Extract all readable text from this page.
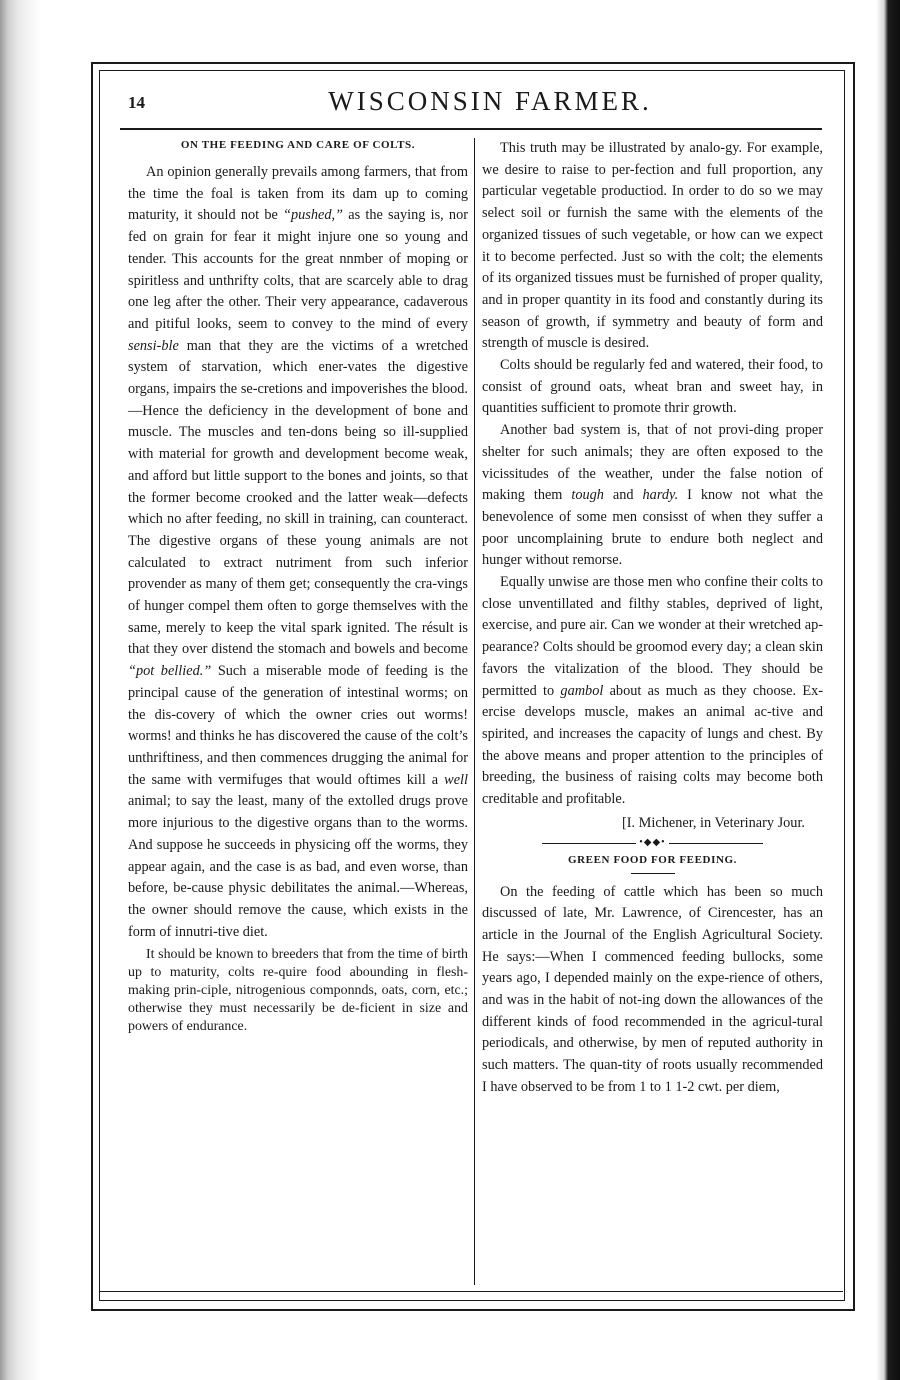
14	WISCONSIN FARMER.
ON THE FEEDING AND CARE OF COLTS.

An opinion generally prevails among farmers, that from the time the foal is taken from its dam up to coming maturity, it should not be “pushed,” as the saying is, nor fed on grain for fear it might injure one so young and tender. This accounts for the great nnmber of moping or spiritless and unthrifty colts, that are scarcely able to drag one leg after the other. Their very appearance, cadaverous and pitiful looks, seem to convey to the mind of every sensi-ble man that they are the victims of a wretched system of starvation, which ener-vates the digestive organs, impairs the se-cretions and impoverishes the blood.—Hence the deficiency in the development of bone and muscle. The muscles and ten-dons being so ill-supplied with material for growth and development become weak, and afford but little support to the bones and joints, so that the former become crooked and the latter weak—defects which no after feeding, no skill in training, can counteract. The digestive organs of these young animals are not calculated to extract nutriment from such inferior provender as many of them get; consequently the cra-vings of hunger compel them often to gorge themselves with the same, merely to keep the vital spark ignited. The résult is that they over distend the stomach and bowels and become “pot bellied.” Such a miserable mode of feeding is the principal cause of the generation of intestinal worms; on the dis-covery of which the owner cries out worms! worms! and thinks he has discovered the cause of the colt’s unthriftiness, and then commences drugging the animal for the same with vermifuges that would oftimes kill a well animal; to say the least, many of the extolled drugs prove more injurious to the digestive organs than to the worms. And suppose he succeeds in physicing off the worms, they appear again, and the case is as bad, and even worse, than before, be-cause physic debilitates the animal.—Whereas, the owner should remove the cause, which exists in the form of innutri-tive diet.

It should be known to breeders that from the time of birth up to maturity, colts re-quire food abounding in flesh-making prin-ciple, nitrogenious componnds, oats, corn, etc.; otherwise they must necessarily be de-ficient in size and powers of endurance.

This truth may be illustrated by analo-gy. For example, we desire to raise to per-fection and full proportion, any particular vegetable productiod. In order to do so we may select soil or furnish the same with the elements of the organized tissues of such vegetable, or how can we expect it to become perfected. Just so with the colt; the elements of its organized tissues must be furnished of proper quality, and in proper quantity in its food and constantly during its season of growth, if symmetry and beauty of form and strength of muscle is desired.

Colts should be regularly fed and watered, their food, to consist of ground oats, wheat bran and sweet hay, in quantities sufficient to promote thrir growth.

Another bad system is, that of not provi-ding proper shelter for such animals; they are often exposed to the vicissitudes of the weather, under the false notion of making them tough and hardy. I know not what the benevolence of some men consisst of when they suffer a poor uncomplaining brute to endure both neglect and hunger without remorse.

Equally unwise are those men who confine their colts to close unventillated and filthy stables, deprived of light, exercise, and pure air. Can we wonder at their wretched ap-pearance? Colts should be groomod every day; a clean skin favors the vitalization of the blood. They should be permitted to gambol about as much as they choose. Ex-ercise develops muscle, makes an animal ac-tive and spirited, and increases the capacity of lungs and chest. By the above means and proper attention to the principles of breeding, the business of raising colts may become both creditable and profitable.

[I. Michener, in Veterinary Jour.
•◆◆•
GREEN FOOD FOR FEEDING.

On the feeding of cattle which has been so much discussed of late, Mr. Lawrence, of Cirencester, has an article in the Journal of the English Agricultural Society. He says:—When I commenced feeding bullocks, some years ago, I depended mainly on the expe-rience of others, and was in the habit of not-ing down the allowances of the different kinds of food recommended in the agricul-tural periodicals, and otherwise, by men of reputed authority in such matters. The quan-tity of roots usually recommended I have observed to be from 1 to 1 1-2 cwt. per diem,
